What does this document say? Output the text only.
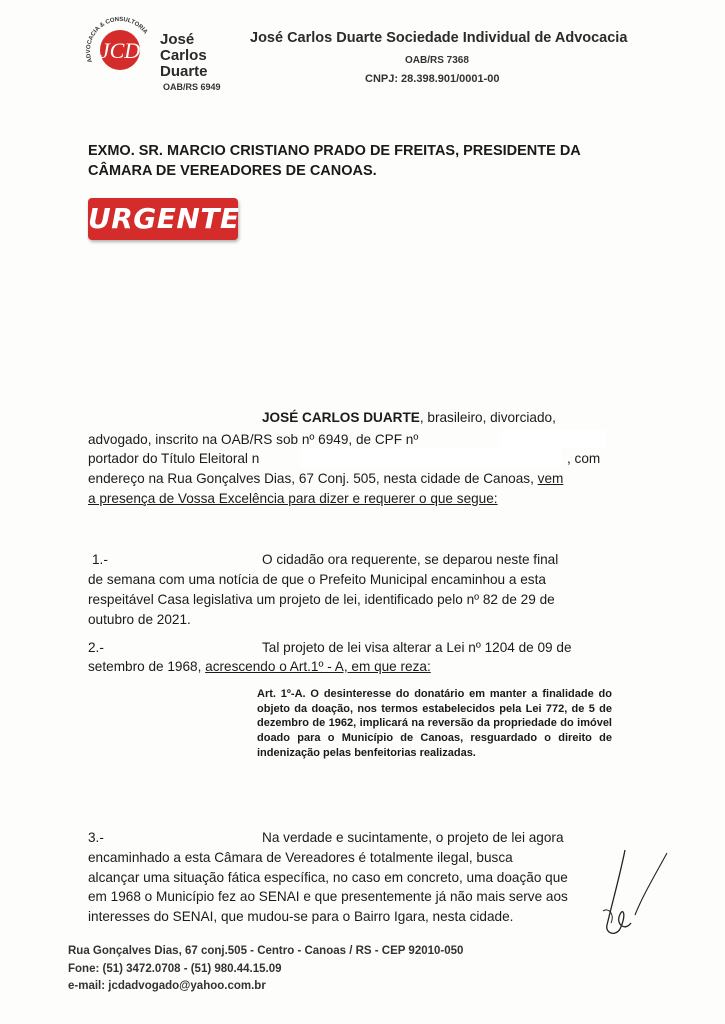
ADVOCACIA & CONSULTORIA
JCD José
Carlos
Duarte
OAB/RS 6949
José Carlos Duarte Sociedade Individual de Advocacia
OAB/RS 7368
CNPJ: 28.398.901/0001-00
EXMO. SR. MARCIO CRISTIANO PRADO DE FREITAS, PRESIDENTE DA
CÂMARA DE VEREADORES DE CANOAS.
URGENTE
JOSÉ CARLOS DUARTE, brasileiro, divorciado,
advogado, inscrito na OAB/RS sob nº 6949, de CPF nº
portador do Título Eleitoral n	, com
endereço na Rua Gonçalves Dias, 67 Conj. 505, nesta cidade de Canoas, vem
a presença de Vossa Excelência para dizer e requerer o que segue:
1.-	O cidadão ora requerente, se deparou neste final
de semana com uma notícia de que o Prefeito Municipal encaminhou a esta
respeitável Casa legislativa um projeto de lei, identificado pelo nº 82 de 29 de
outubro de 2021.
2.-	Tal projeto de lei visa alterar a Lei nº 1204 de 09 de
setembro de 1968, acrescendo o Art.1º - A, em que reza:
Art. 1º-A. O desinteresse do donatário em manter a finalidade do objeto da doação, nos termos estabelecidos pela Lei 772, de 5 de dezembro de 1962, implicará na reversão da propriedade do imóvel doado para o Município de Canoas, resguardado o direito de indenização pelas benfeitorias realizadas.
3.-	Na verdade e sucintamente, o projeto de lei agora
encaminhado a esta Câmara de Vereadores é totalmente ilegal, busca
alcançar uma situação fática específica, no caso em concreto, uma doação que
em 1968 o Município fez ao SENAI e que presentemente já não mais serve aos
interesses do SENAI, que mudou-se para o Bairro Igara, nesta cidade.
Rua Gonçalves Dias, 67 conj.505 - Centro - Canoas / RS - CEP 92010-050
Fone: (51) 3472.0708 - (51) 980.44.15.09
e-mail: jcdadvogado@yahoo.com.br
